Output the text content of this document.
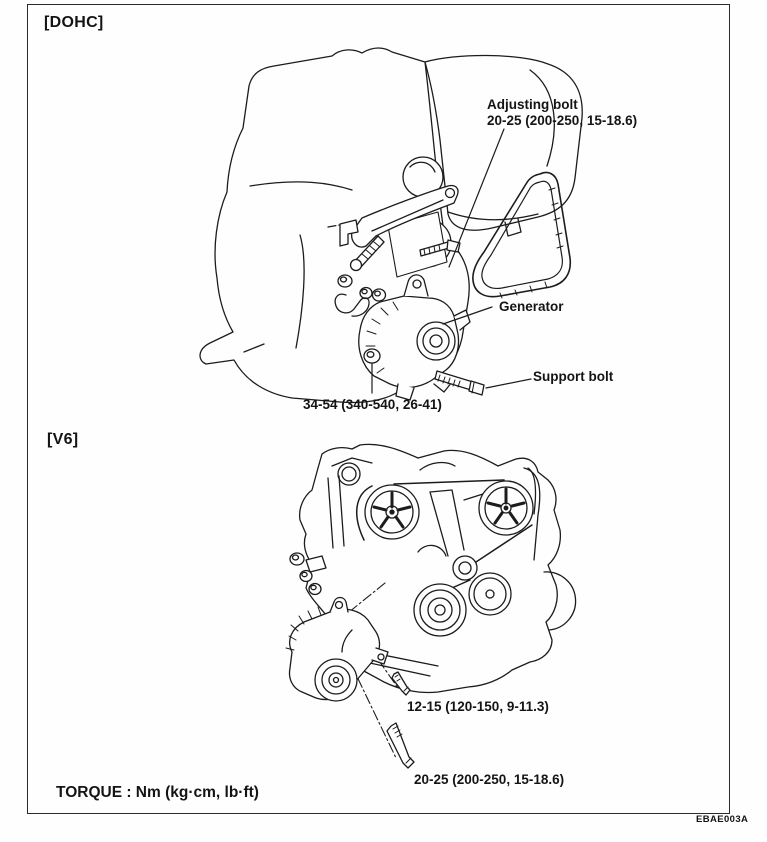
[DOHC]
Adjusting bolt
20-25 (200-250, 15-18.6)
Generator
Support bolt
34-54 (340-540, 26-41)
[V6]
12-15 (120-150, 9-11.3)
20-25 (200-250, 15-18.6)
TORQUE : Nm (kg·cm, lb·ft)
EBAE003A
